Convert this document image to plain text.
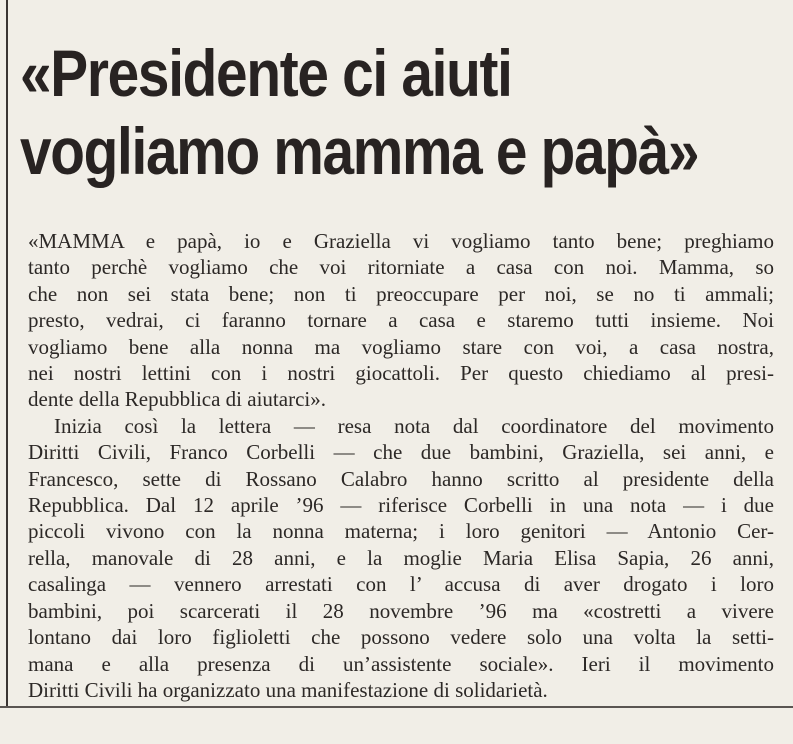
«Presidente ci aiuti
vogliamo mamma e papà»
«MAMMA e papà, io e Graziella vi vogliamo tanto bene; preghiamo
tanto perchè vogliamo che voi ritorniate a casa con noi. Mamma, so
che non sei stata bene; non ti preoccupare per noi, se no ti ammali;
presto, vedrai, ci faranno tornare a casa e staremo tutti insieme. Noi
vogliamo bene alla nonna ma vogliamo stare con voi, a casa nostra,
nei nostri lettini con i nostri giocattoli. Per questo chiediamo al presi-
dente della Repubblica di aiutarci».
Inizia così la lettera — resa nota dal coordinatore del movimento
Diritti Civili, Franco Corbelli — che due bambini, Graziella, sei anni, e
Francesco, sette di Rossano Calabro hanno scritto al presidente della
Repubblica. Dal 12 aprile ’96 — riferisce Corbelli in una nota — i due
piccoli vivono con la nonna materna; i loro genitori — Antonio Cer-
rella, manovale di 28 anni, e la moglie Maria Elisa Sapia, 26 anni,
casalinga — vennero arrestati con l’ accusa di aver drogato i loro
bambini, poi scarcerati il 28 novembre ’96 ma «costretti a vivere
lontano dai loro figlioletti che possono vedere solo una volta la setti-
mana e alla presenza di un’assistente sociale». Ieri il movimento
Diritti Civili ha organizzato una manifestazione di solidarietà.
